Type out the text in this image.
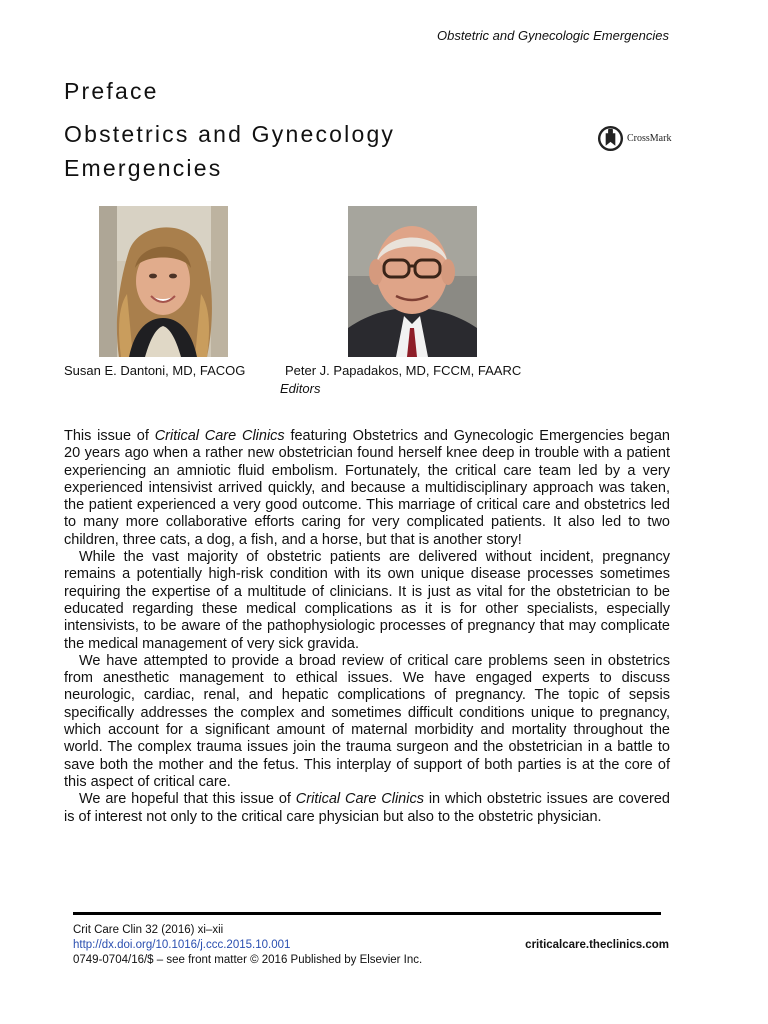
Obstetric and Gynecologic Emergencies
Preface
Obstetrics and Gynecology Emergencies
CrossMark
Susan E. Dantoni, MD, FACOG	Peter J. Papadakos, MD, FCCM, FAARC
Editors

This issue of Critical Care Clinics featuring Obstetrics and Gynecologic Emergencies began 20 years ago when a rather new obstetrician found herself knee deep in trouble with a patient experiencing an amniotic fluid embolism. Fortunately, the critical care team led by a very experienced intensivist arrived quickly, and because a multidisciplinary approach was taken, the patient experienced a very good outcome. This marriage of critical care and obstetrics led to many more collaborative efforts caring for very complicated patients. It also led to two children, three cats, a dog, a fish, and a horse, but that is another story!

While the vast majority of obstetric patients are delivered without incident, pregnancy remains a potentially high-risk condition with its own unique disease processes sometimes requiring the expertise of a multitude of clinicians. It is just as vital for the obstetrician to be educated regarding these medical complications as it is for other specialists, especially intensivists, to be aware of the pathophysiologic processes of pregnancy that may complicate the medical management of very sick gravida.

We have attempted to provide a broad review of critical care problems seen in obstetrics from anesthetic management to ethical issues. We have engaged experts to discuss neurologic, cardiac, renal, and hepatic complications of pregnancy. The topic of sepsis specifically addresses the complex and sometimes difficult conditions unique to pregnancy, which account for a significant amount of maternal morbidity and mortality throughout the world. The complex trauma issues join the trauma surgeon and the obstetrician in a battle to save both the mother and the fetus. This interplay of support of both parties is at the core of this aspect of critical care.

We are hopeful that this issue of Critical Care Clinics in which obstetric issues are covered is of interest not only to the critical care physician but also to the obstetric physician.

Crit Care Clin 32 (2016) xi–xii
http://dx.doi.org/10.1016/j.ccc.2015.10.001
0749-0704/16/$ – see front matter © 2016 Published by Elsevier Inc.
criticalcare.theclinics.com
